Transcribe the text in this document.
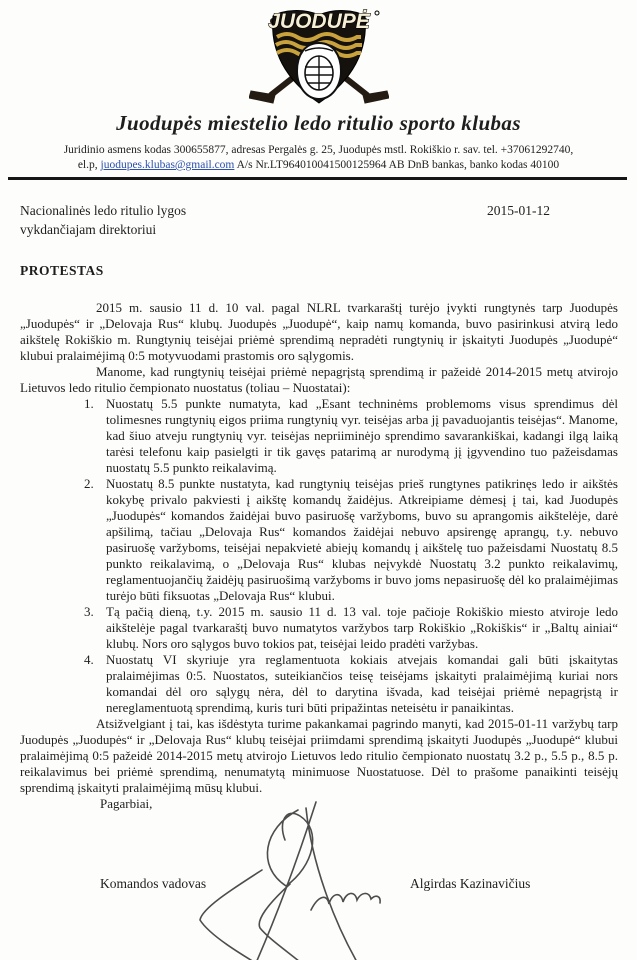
JUODUPĖ
Juodupės miestelio ledo ritulio sporto klubas
Juridinio asmens kodas 300655877, adresas Pergalės g. 25, Juodupės mstl. Rokiškio r. sav. tel. +37061292740,
el.p, juodupes.klubas@gmail.com A/s Nr.LT964010041500125964 AB DnB bankas, banko kodas 40100
Nacionalinės ledo ritulio lygos
vykdančiajam direktoriui
2015-01-12
PROTESTAS

2015 m. sausio 11 d. 10 val. pagal NLRL tvarkaraštį turėjo įvykti rungtynės tarp Juodupės „Juodupės“ ir „Delovaja Rus“ klubų. Juodupės „Juodupė“, kaip namų komanda, buvo pasirinkusi atvirą ledo aikštelę Rokiškio m. Rungtynių teisėjai priėmė sprendimą nepradėti rungtynių ir įskaityti Juodupės „Juodupė“ klubui pralaimėjimą 0:5 motyvuodami prastomis oro sąlygomis.

Manome, kad rungtynių teisėjai priėmė nepagrįstą sprendimą ir pažeidė 2014-2015 metų atvirojo Lietuvos ledo ritulio čempionato nuostatus (toliau – Nuostatai):

1. Nuostatų 5.5 punkte numatyta, kad „Esant techninėms problemoms visus sprendimus dėl tolimesnes rungtynių eigos priima rungtynių vyr. teisėjas arba jį pavaduojantis teisėjas“. Manome, kad šiuo atveju rungtynių vyr. teisėjas nepriiminėjo sprendimo savarankiškai, kadangi ilgą laiką tarėsi telefonu kaip pasielgti ir tik gavęs patarimą ar nurodymą jį įgyvendino tuo pažeisdamas nuostatų 5.5 punkto reikalavimą.
2. Nuostatų 8.5 punkte nustatyta, kad rungtynių teisėjas prieš rungtynes patikrinęs ledo ir aikštės kokybę privalo pakviesti į aikštę komandų žaidėjus. Atkreipiame dėmesį į tai, kad Juodupės „Juodupės“ komandos žaidėjai buvo pasiruošę varžyboms, buvo su aprangomis aikštelėje, darė apšilimą, tačiau „Delovaja Rus“ komandos žaidėjai nebuvo apsirengę aprangų, t.y. nebuvo pasiruošę varžyboms, teisėjai nepakvietė abiejų komandų į aikštelę tuo pažeisdami Nuostatų 8.5 punkto reikalavimą, o „Delovaja Rus“ klubas neįvykdė Nuostatų 3.2 punkto reikalavimų, reglamentuojančių žaidėjų pasiruošimą varžyboms ir buvo joms nepasiruošę dėl ko pralaimėjimas turėjo būti fiksuotas „Delovaja Rus“ klubui.
3. Tą pačią dieną, t.y. 2015 m. sausio 11 d. 13 val. toje pačioje Rokiškio miesto atviroje ledo aikštelėje pagal tvarkaraštį buvo numatytos varžybos tarp Rokiškio „Rokiškis“ ir „Baltų ainiai“ klubų. Nors oro sąlygos buvo tokios pat, teisėjai leido pradėti varžybas.
4. Nuostatų VI skyriuje yra reglamentuota kokiais atvejais komandai gali būti įskaitytas pralaimėjimas 0:5. Nuostatos, suteikiančios teisę teisėjams įskaityti pralaimėjimą kuriai nors komandai dėl oro sąlygų nėra, dėl to darytina išvada, kad teisėjai priėmė nepagrįstą ir nereglamentuotą sprendimą, kuris turi būti pripažintas neteisėtu ir panaikintas.

Atsižvelgiant į tai, kas išdėstyta turime pakankamai pagrindo manyti, kad 2015-01-11 varžybų tarp Juodupės „Juodupės“ ir „Delovaja Rus“ klubų teisėjai priimdami sprendimą įskaityti Juodupės „Juodupė“ klubui pralaimėjimą 0:5 pažeidė 2014-2015 metų atvirojo Lietuvos ledo ritulio čempionato nuostatų 3.2 p., 5.5 p., 8.5 p. reikalavimus bei priėmė sprendimą, nenumatytą minimuose Nuostatuose. Dėl to prašome panaikinti teisėjų sprendimą įskaityti pralaimėjimą mūsų klubui.

Pagarbiai,

Komandos vadovas	Algirdas Kazinavičius
